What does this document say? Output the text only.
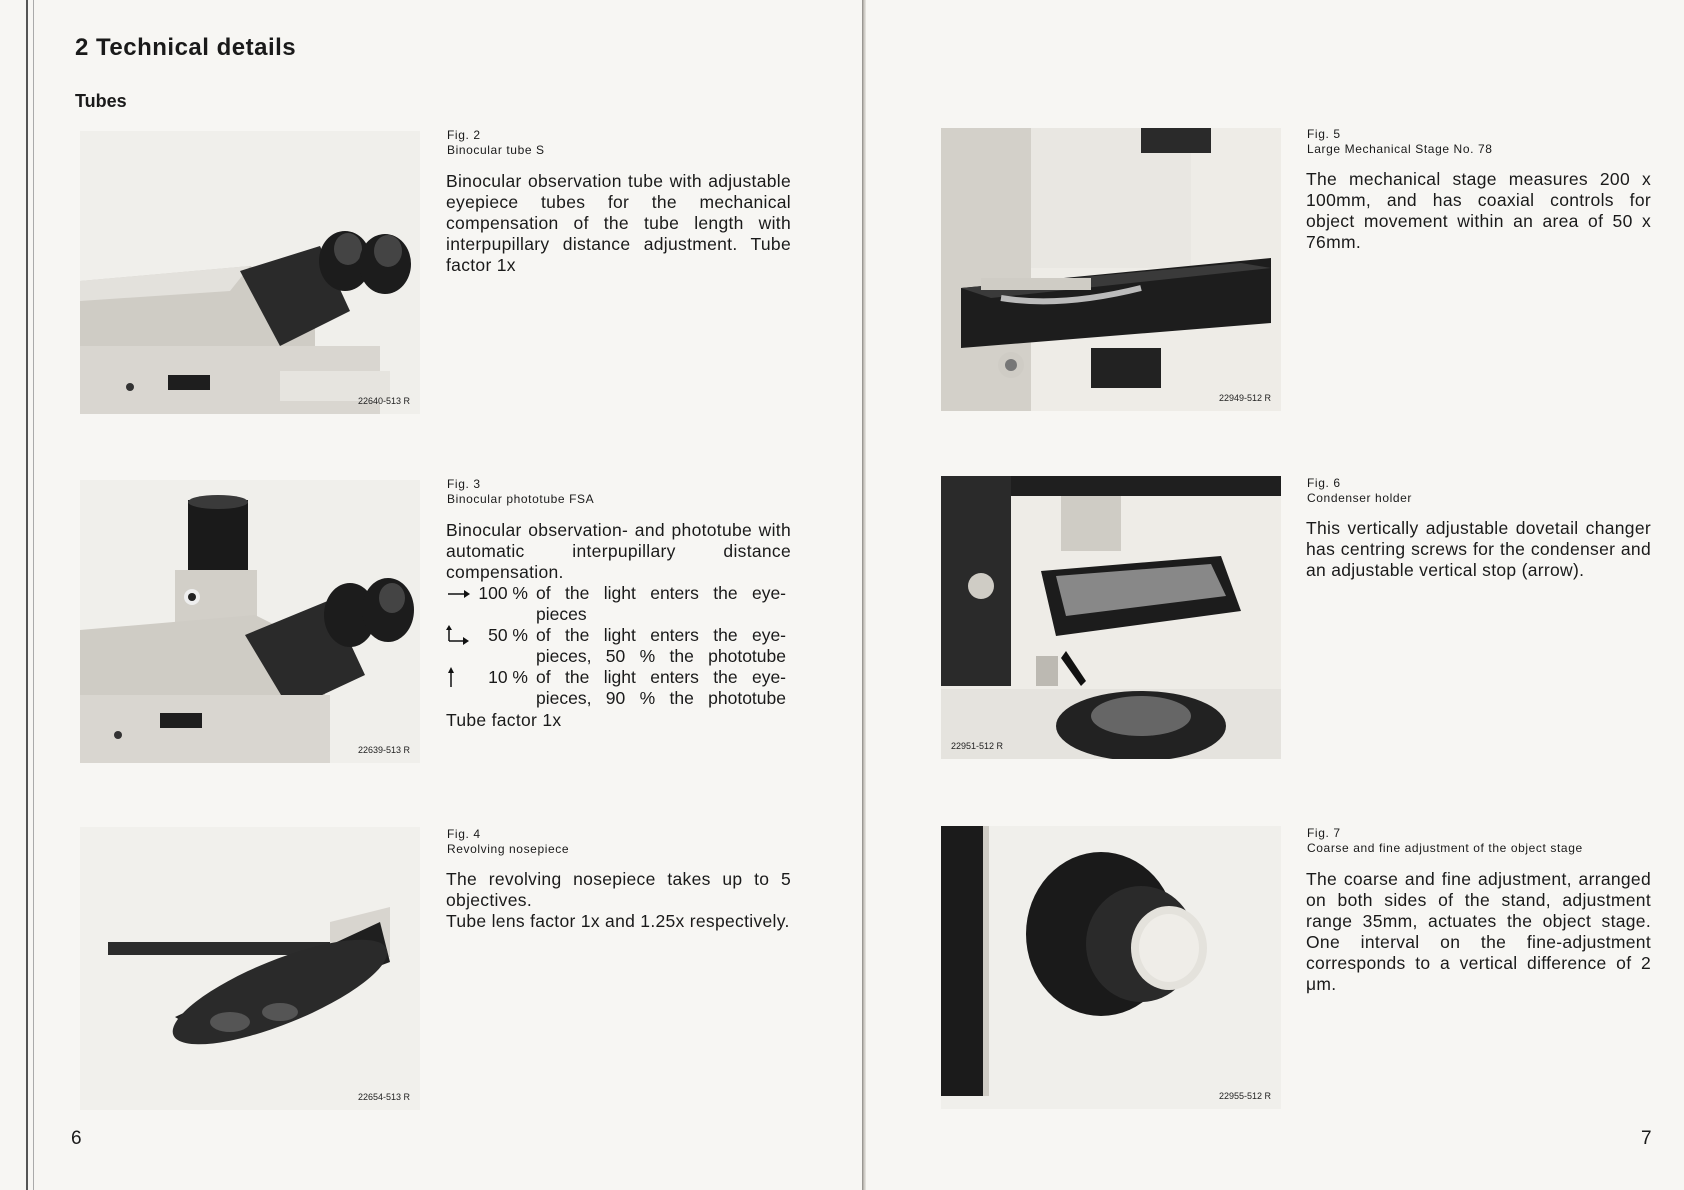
2 Technical details
Tubes
22640-513 R
Fig. 2
Binocular tube S

Binocular observation tube with adjustable eyepiece tubes for the mechanical compensation of the tube length with interpupillary distance adjustment. Tube factor 1x

22639-513 R
Fig. 3
Binocular phototube FSA

Binocular observation- and phototube with automatic interpupillary distance compensation.

100 % of the light enters the eye-
pieces
50 % of the light enters the eye-
pieces, 50 % the phototube
10 % of the light enters the eye-
pieces, 90 % the phototube

Tube factor 1x

22654-513 R
Fig. 4
Revolving nosepiece

The revolving nosepiece takes up to 5 objectives.

Tube lens factor 1x and 1.25x respectively.

6
22949-512 R
Fig. 5
Large Mechanical Stage No. 78

The mechanical stage measures 200 x 100mm, and has coaxial controls for object movement within an area of 50 x 76mm.

22951-512 R
Fig. 6
Condenser holder

This vertically adjustable dovetail changer has centring screws for the condenser and an adjustable vertical stop (arrow).

22955-512 R
Fig. 7
Coarse and fine adjustment of the object stage

The coarse and fine adjustment, arranged on both sides of the stand, adjustment range 35mm, actuates the object stage. One interval on the fine-adjustment corresponds to a vertical difference of 2 μm.

7
